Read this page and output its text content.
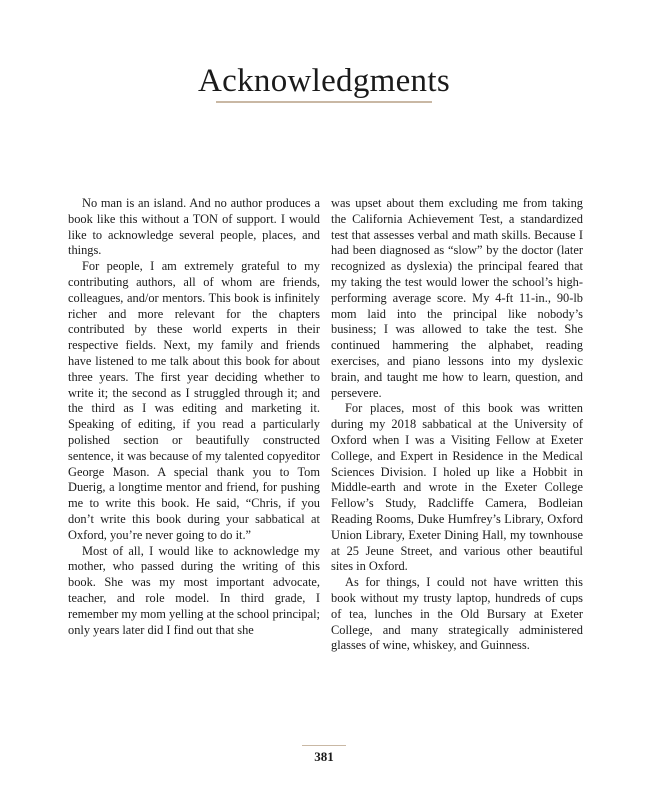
Acknowledgments

No man is an island. And no author produces a book like this without a TON of support. I would like to acknowledge several people, places, and things.

For people, I am extremely grateful to my contributing authors, all of whom are friends, colleagues, and/or mentors. This book is infinitely richer and more relevant for the chapters contributed by these world experts in their respective fields. Next, my family and friends have listened to me talk about this book for about three years. The first year deciding whether to write it; the second as I struggled through it; and the third as I was editing and marketing it. Speaking of editing, if you read a particularly polished section or beautifully constructed sentence, it was because of my talented copyeditor George Mason. A special thank you to Tom Duerig, a longtime mentor and friend, for pushing me to write this book. He said, “Chris, if you don’t write this book during your sabbatical at Oxford, you’re never going to do it.”

Most of all, I would like to acknowledge my mother, who passed during the writing of this book. She was my most important advocate, teacher, and role model. In third grade, I remember my mom yelling at the school principal; only years later did I find out that she

was upset about them excluding me from taking the California Achievement Test, a standardized test that assesses verbal and math skills. Because I had been diagnosed as “slow” by the doctor (later recognized as dyslexia) the principal feared that my taking the test would lower the school’s high-performing average score. My 4-ft 11-in., 90-lb mom laid into the principal like nobody’s business; I was allowed to take the test. She continued hammering the alphabet, reading exercises, and piano lessons into my dyslexic brain, and taught me how to learn, question, and persevere.

For places, most of this book was written during my 2018 sabbatical at the University of Oxford when I was a Visiting Fellow at Exeter College, and Expert in Residence in the Medical Sciences Division. I holed up like a Hobbit in Middle-earth and wrote in the Exeter College Fellow’s Study, Radcliffe Camera, Bodleian Reading Rooms, Duke Humfrey’s Library, Oxford Union Library, Exeter Dining Hall, my townhouse at 25 Jeune Street, and various other beautiful sites in Oxford.

As for things, I could not have written this book without my trusty laptop, hundreds of cups of tea, lunches in the Old Bursary at Exeter College, and many strategically administered glasses of wine, whiskey, and Guinness.

381
